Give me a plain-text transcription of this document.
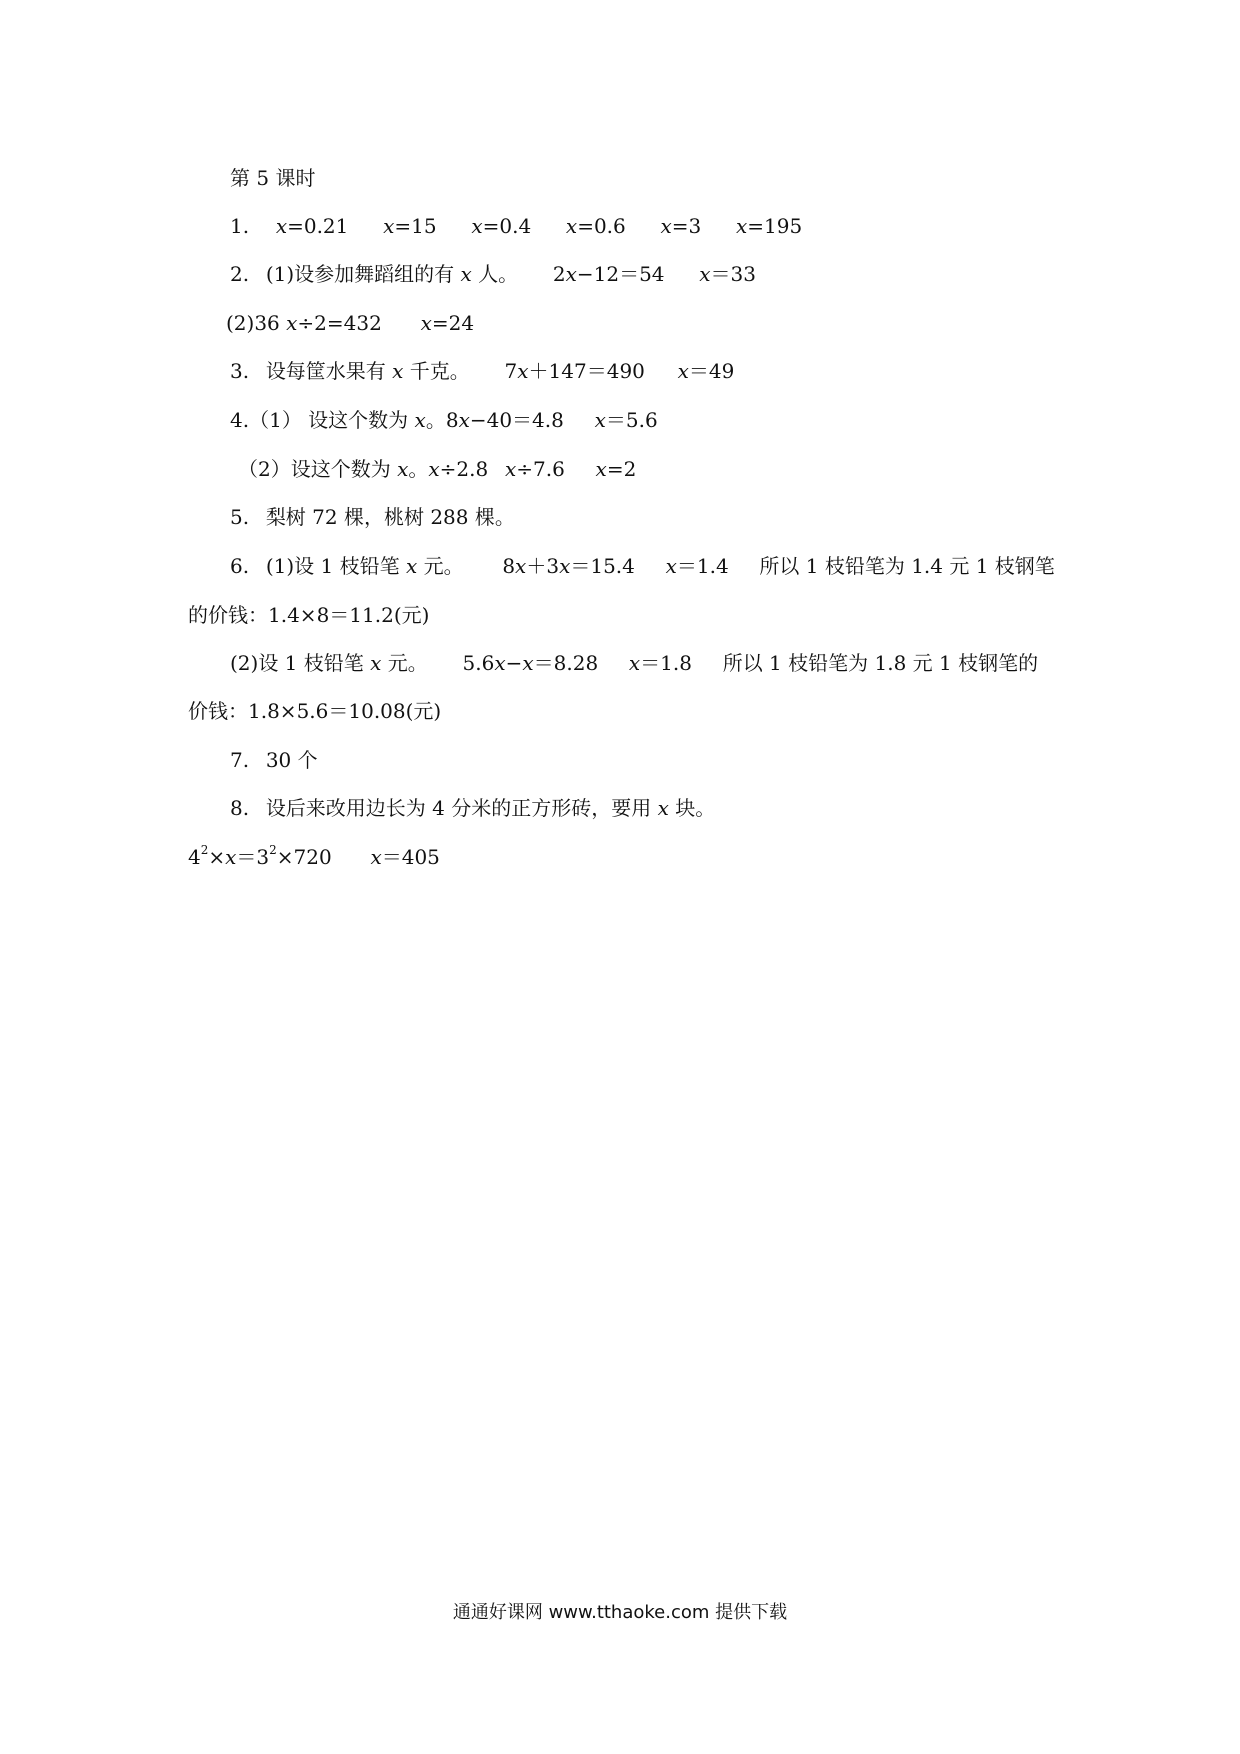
第 5 课时
1. x=0.21 x=15 x=0.4 x=0.6 x=3 x=195
2. (1)设参加舞蹈组的有 x 人。 2x−12＝54 x＝33
(2)36 x÷2=432 x=24
3. 设每筐水果有 x 千克。 7x＋147＝490 x＝49
4.（1） 设这个数为 x。8x−40＝4.8 x＝5.6
（2）设这个数为 x。x÷2.8 x÷7.6 x=2
5. 梨树 72 棵，桃树 288 棵。
6. (1)设 1 枝铅笔 x 元。 8x＋3x＝15.4 x＝1.4 所以 1 枝铅笔为 1.4 元 1 枝钢笔
的价钱：1.4×8＝11.2(元)
(2)设 1 枝铅笔 x 元。 5.6x−x＝8.28 x＝1.8 所以 1 枝铅笔为 1.8 元 1 枝钢笔的
价钱：1.8×5.6＝10.08(元)
7. 30 个
8. 设后来改用边长为 4 分米的正方形砖，要用 x 块。
$4^2\times x=3^2\times 720$ x＝405
通通好课网 www.tthaoke.com 提供下载
